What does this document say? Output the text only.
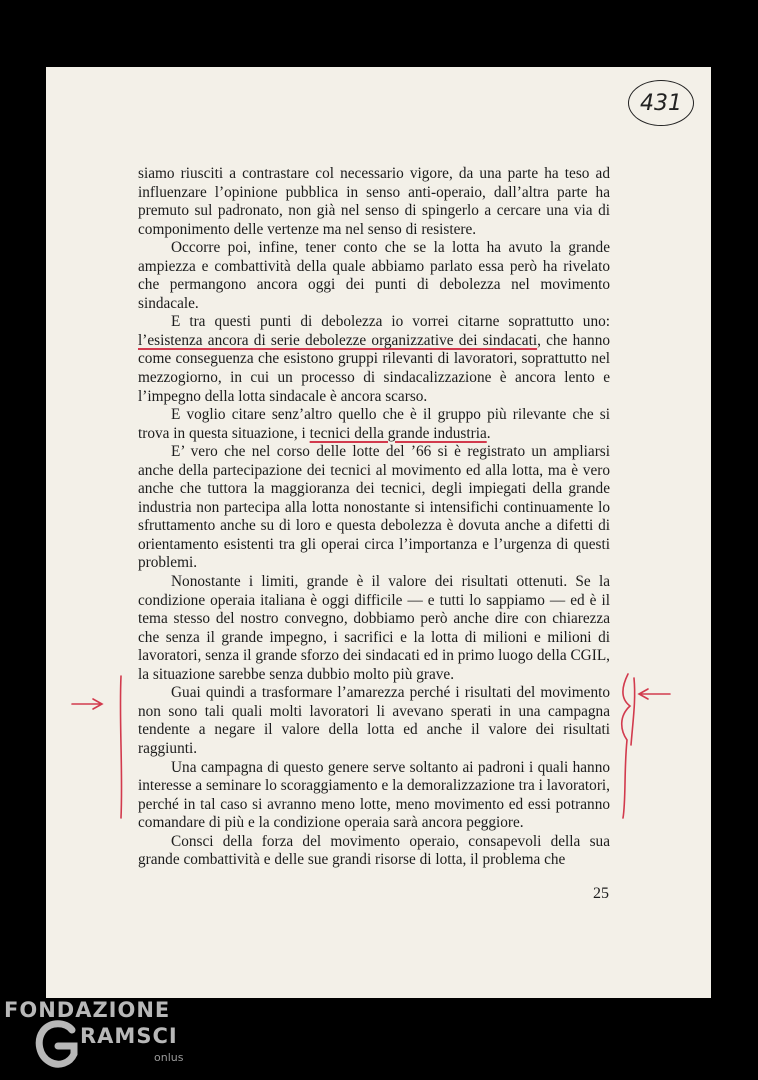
431

siamo riusciti a contrastare col necessario vigore, da una parte ha teso ad influenzare l’opinione pubblica in senso anti-operaio, dall’altra parte ha premuto sul padronato, non già nel senso di spingerlo a cercare una via di componimento delle vertenze ma nel senso di resistere.

Occorre poi, infine, tener conto che se la lotta ha avuto la grande ampiezza e combattività della quale abbiamo parlato essa però ha rivelato che permangono ancora oggi dei punti di debolezza nel movimento sindacale.

E tra questi punti di debolezza io vorrei citarne soprattutto uno: l’esistenza ancora di serie debolezze organizzative dei sindacati, che hanno come conseguenza che esistono gruppi rilevanti di lavoratori, soprattutto nel mezzogiorno, in cui un processo di sindacalizzazione è ancora lento e l’impegno della lotta sindacale è ancora scarso.

E voglio citare senz’altro quello che è il gruppo più rilevante che si trova in questa situazione, i tecnici della grande industria.

E’ vero che nel corso delle lotte del ’66 si è registrato un ampliarsi anche della partecipazione dei tecnici al movimento ed alla lotta, ma è vero anche che tuttora la maggioranza dei tecnici, degli impiegati della grande industria non partecipa alla lotta nonostante si intensifichi continuamente lo sfruttamento anche su di loro e questa debolezza è dovuta anche a difetti di orientamento esistenti tra gli operai circa l’importanza e l’urgenza di questi problemi.

Nonostante i limiti, grande è il valore dei risultati ottenuti. Se la condizione operaia italiana è oggi difficile — e tutti lo sappiamo — ed è il tema stesso del nostro convegno, dobbiamo però anche dire con chiarezza che senza il grande impegno, i sacrifici e la lotta di milioni e milioni di lavoratori, senza il grande sforzo dei sindacati ed in primo luogo della CGIL, la situazione sarebbe senza dubbio molto più grave.

Guai quindi a trasformare l’amarezza perché i risultati del movimento non sono tali quali molti lavoratori li avevano sperati in una campagna tendente a negare il valore della lotta ed anche il valore dei risultati raggiunti.

Una campagna di questo genere serve soltanto ai padroni i quali hanno interesse a seminare lo scoraggiamento e la demoralizzazione tra i lavoratori, perché in tal caso si avranno meno lotte, meno movimento ed essi potranno comandare di più e la condizione operaia sarà ancora peggiore.

Consci della forza del movimento operaio, consapevoli della sua grande combattività e delle sue grandi risorse di lotta, il problema che

25
FONDAZIONE
RAMSCI
onlus
